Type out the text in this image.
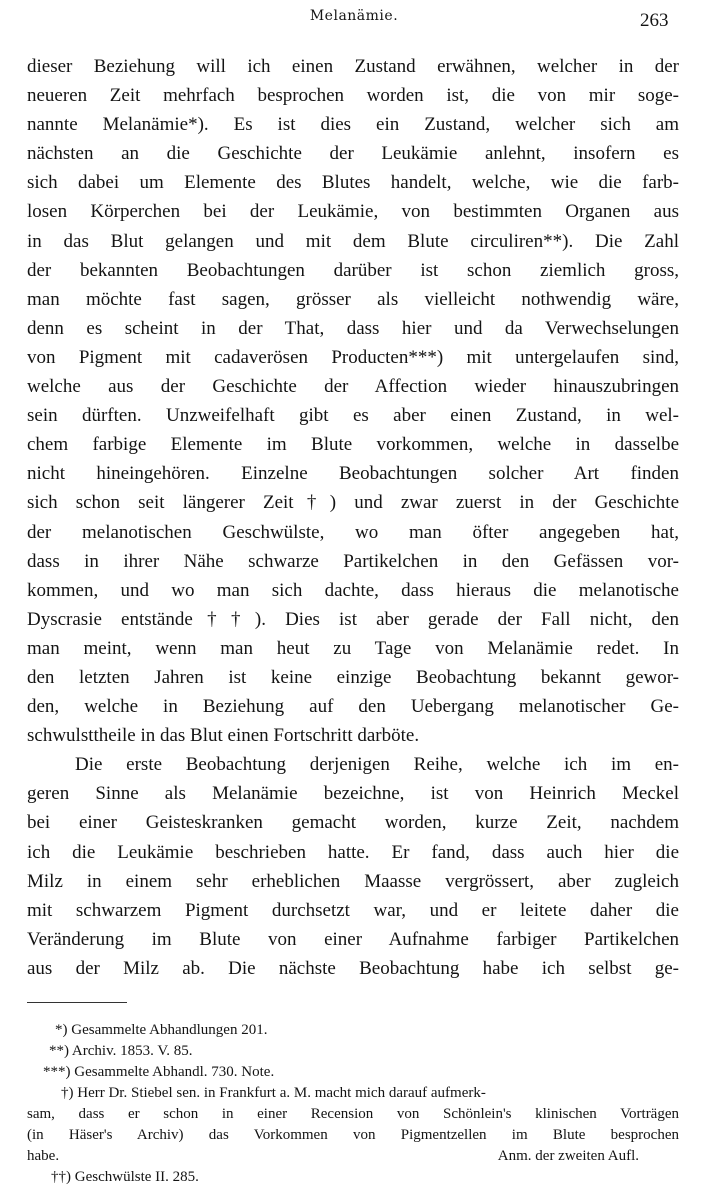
Melanämie.	263
dieser Beziehung will ich einen Zustand erwähnen, welcher in der
neueren Zeit mehrfach besprochen worden ist, die von mir soge-
nannte Melanämie*). Es ist dies ein Zustand, welcher sich am
nächsten an die Geschichte der Leukämie anlehnt, insofern es
sich dabei um Elemente des Blutes handelt, welche, wie die farb-
losen Körperchen bei der Leukämie, von bestimmten Organen aus
in das Blut gelangen und mit dem Blute circuliren**). Die Zahl
der bekannten Beobachtungen darüber ist schon ziemlich gross,
man möchte fast sagen, grösser als vielleicht nothwendig wäre,
denn es scheint in der That, dass hier und da Verwechselungen
von Pigment mit cadaverösen Producten***) mit untergelaufen sind,
welche aus der Geschichte der Affection wieder hinauszubringen
sein dürften. Unzweifelhaft gibt es aber einen Zustand, in wel-
chem farbige Elemente im Blute vorkommen, welche in dasselbe
nicht hineingehören. Einzelne Beobachtungen solcher Art finden
sich schon seit längerer Zeit†) und zwar zuerst in der Geschichte
der melanotischen Geschwülste, wo man öfter angegeben hat,
dass in ihrer Nähe schwarze Partikelchen in den Gefässen vor-
kommen, und wo man sich dachte, dass hieraus die melanotische
Dyscrasie entstände††). Dies ist aber gerade der Fall nicht, den
man meint, wenn man heut zu Tage von Melanämie redet. In
den letzten Jahren ist keine einzige Beobachtung bekannt gewor-
den, welche in Beziehung auf den Uebergang melanotischer Ge-
schwulsttheile in das Blut einen Fortschritt darböte.
Die erste Beobachtung derjenigen Reihe, welche ich im en-
geren Sinne als Melanämie bezeichne, ist von Heinrich Meckel
bei einer Geisteskranken gemacht worden, kurze Zeit, nachdem
ich die Leukämie beschrieben hatte. Er fand, dass auch hier die
Milz in einem sehr erheblichen Maasse vergrössert, aber zugleich
mit schwarzem Pigment durchsetzt war, und er leitete daher die
Veränderung im Blute von einer Aufnahme farbiger Partikelchen
aus der Milz ab. Die nächste Beobachtung habe ich selbst ge-
*) Gesammelte Abhandlungen 201.
**) Archiv. 1853. V. 85.
***) Gesammelte Abhandl. 730. Note.
†) Herr Dr. Stiebel sen. in Frankfurt a. M. macht mich darauf aufmerk-
sam, dass er schon in einer Recension von Schönlein's klinischen Vorträgen
(in Häser's Archiv) das Vorkommen von Pigmentzellen im Blute besprochen
habe.	Anm. der zweiten Aufl.
††) Geschwülste II. 285.
